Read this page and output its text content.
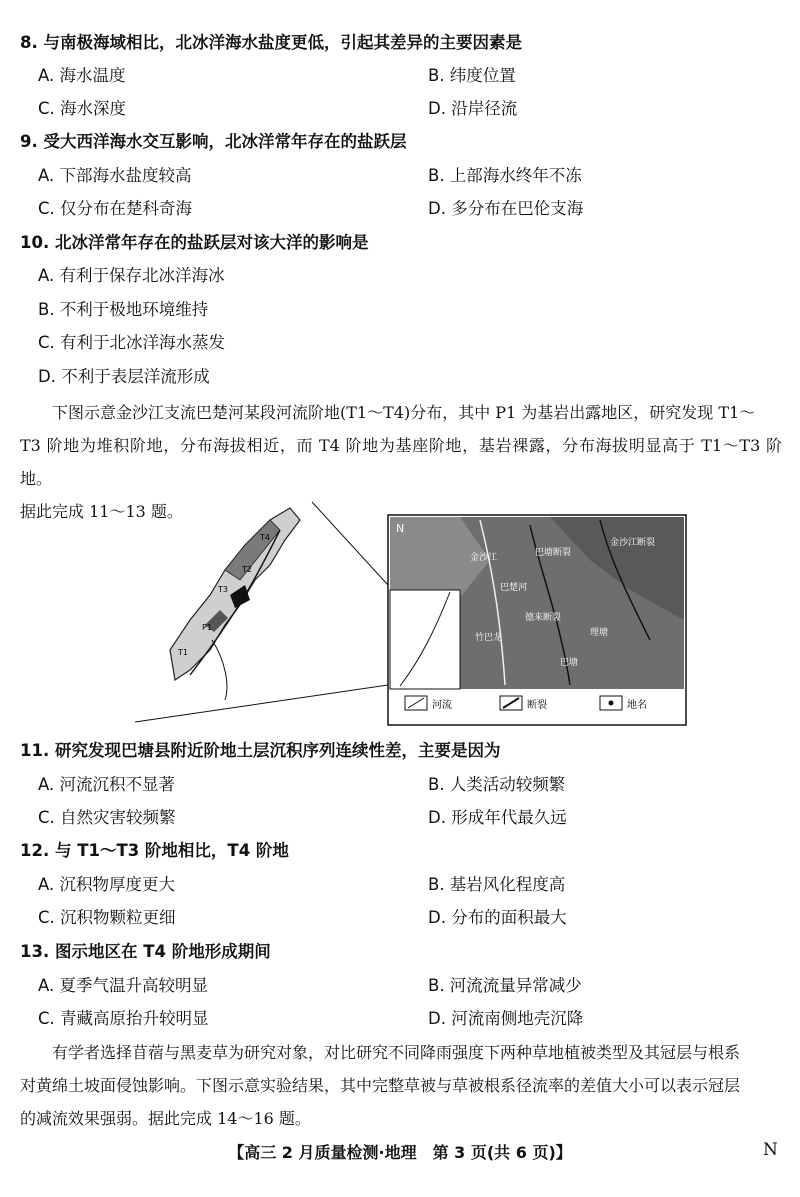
8. 与南极海域相比，北冰洋海水盐度更低，引起其差异的主要因素是
A. 海水温度	B. 纬度位置
C. 海水深度	D. 沿岸径流
9. 受大西洋海水交互影响，北冰洋常年存在的盐跃层
A. 下部海水盐度较高	B. 上部海水终年不冻
C. 仅分布在楚科奇海	D. 多分布在巴伦支海
10. 北冰洋常年存在的盐跃层对该大洋的影响是
A. 有利于保存北冰洋海冰
B. 不利于极地环境维持
C. 有利于北冰洋海水蒸发
D. 不利于表层洋流形成

下图示意金沙江支流巴楚河某段河流阶地(T1～T4)分布，其中 P1 为基岩出露地区，研究发现 T1～

T3 阶地为堆积阶地，分布海拔相近，而 T4 阶地为基座阶地，基岩裸露，分布海拔明显高于 T1～T3 阶地。

据此完成 11～13 题。

P1
T1
T2
T3
T4
N
金沙江	巴塘断裂
金沙江断裂
德来断裂
竹巴龙
巴塘
理塘
巴楚河
河流	断裂	地名
11. 研究发现巴塘县附近阶地土层沉积序列连续性差，主要是因为
A. 河流沉积不显著	B. 人类活动较频繁
C. 自然灾害较频繁	D. 形成年代最久远
12. 与 T1～T3 阶地相比，T4 阶地
A. 沉积物厚度更大	B. 基岩风化程度高
C. 沉积物颗粒更细	D. 分布的面积最大
13. 图示地区在 T4 阶地形成期间
A. 夏季气温升高较明显	B. 河流流量异常减少
C. 青藏高原抬升较明显	D. 河流南侧地壳沉降

有学者选择苜蓿与黑麦草为研究对象，对比研究不同降雨强度下两种草地植被类型及其冠层与根系

对黄绵土坡面侵蚀影响。下图示意实验结果，其中完整草被与草被根系径流率的差值大小可以表示冠层

的减流效果强弱。据此完成 14～16 题。

【高三 2 月质量检测·地理　第 3 页(共 6 页)】	N
